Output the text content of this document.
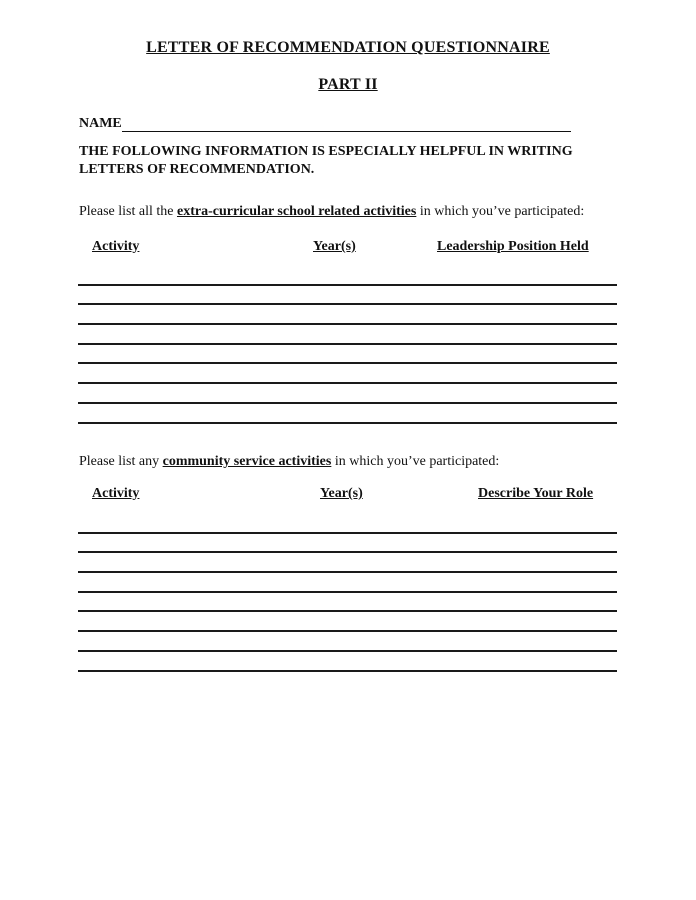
LETTER OF RECOMMENDATION QUESTIONNAIRE
PART II
NAME
THE FOLLOWING INFORMATION IS ESPECIALLY HELPFUL IN WRITING LETTERS OF RECOMMENDATION.
Please list all the extra-curricular school related activities in which you’ve participated:
Activity	Year(s)	Leadership Position Held
Please list any community service activities in which you’ve participated:
Activity	Year(s)	Describe Your Role
